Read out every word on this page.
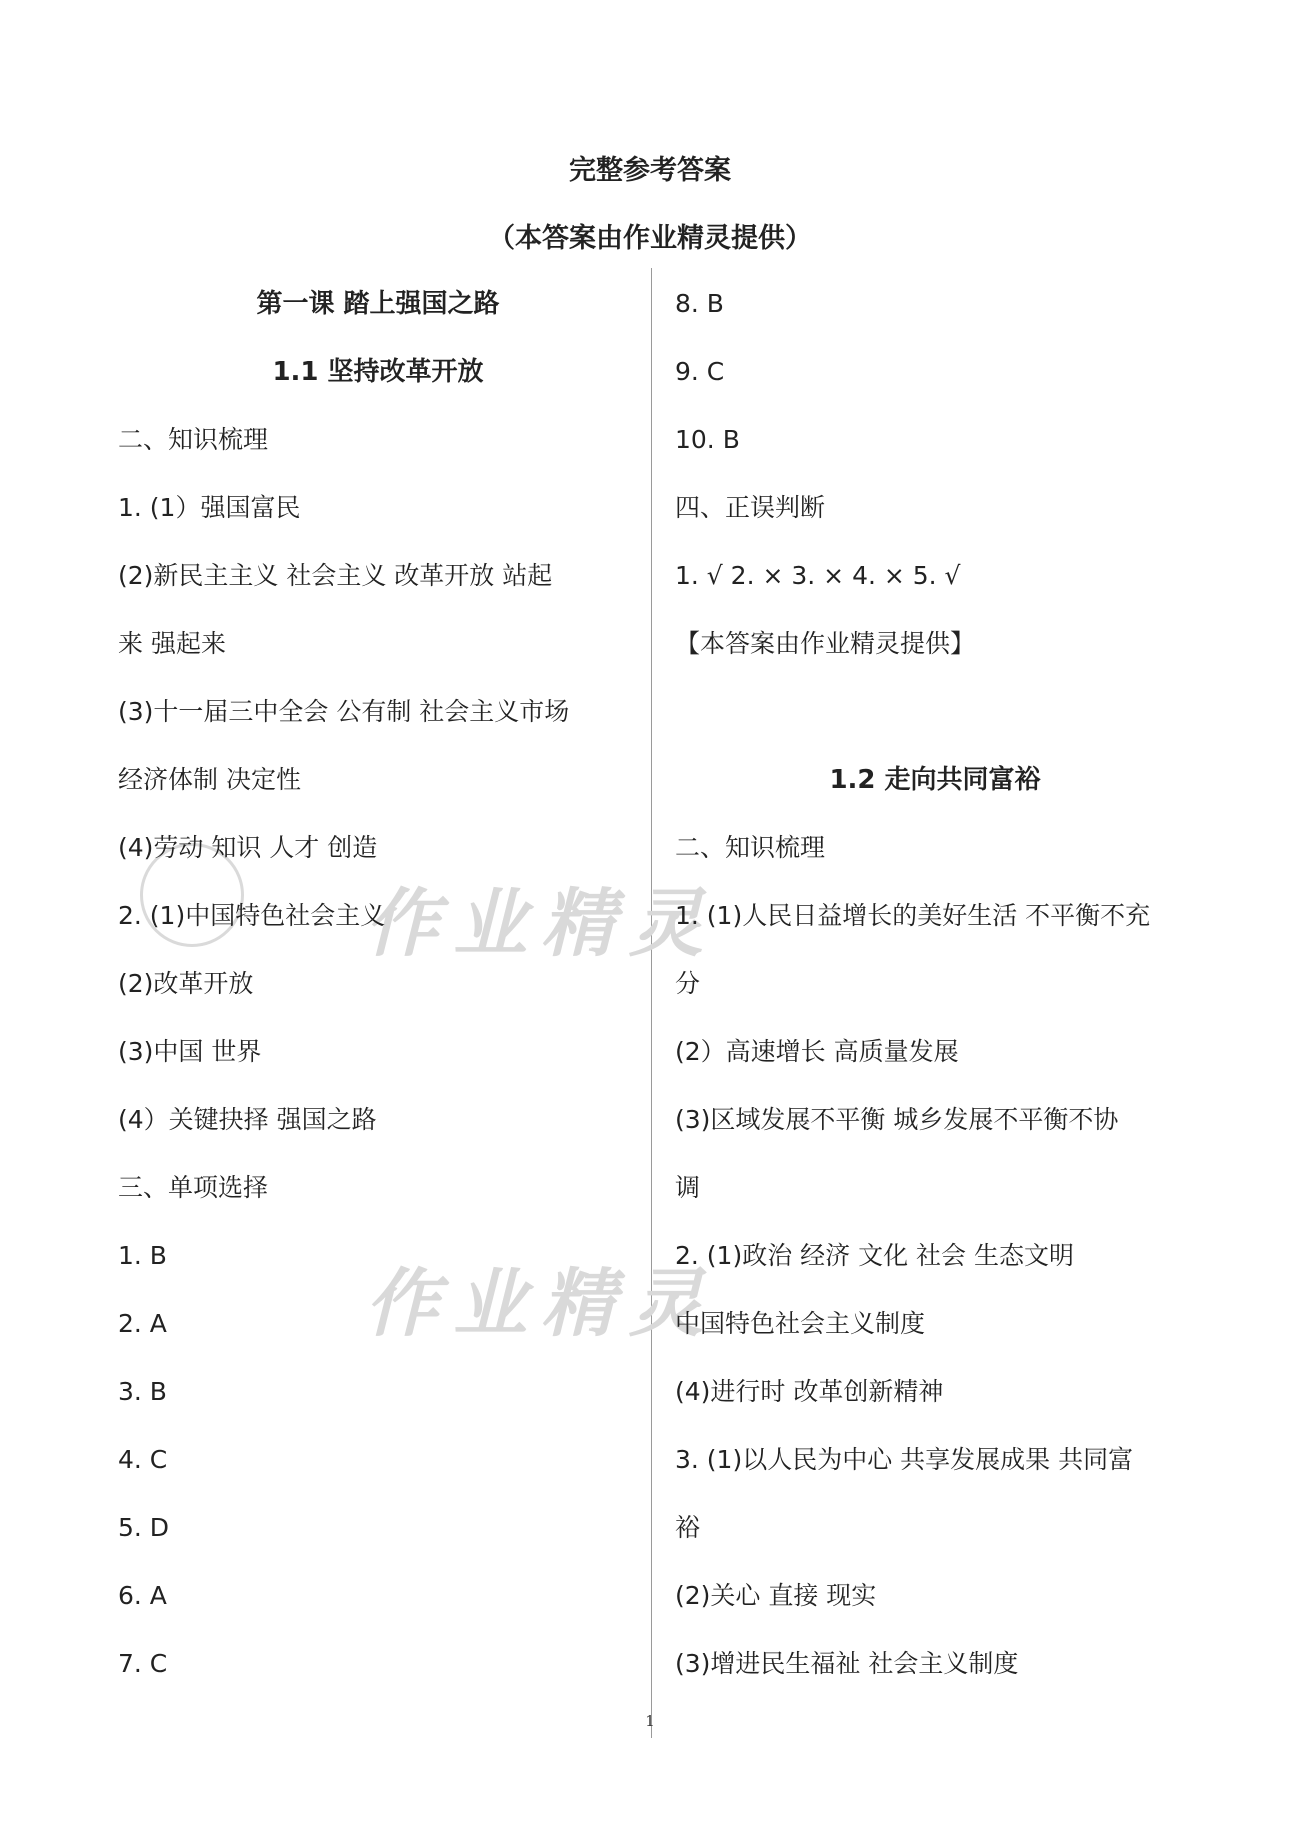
完整参考答案
（本答案由作业精灵提供）
作业精灵
作业精灵
第一课 踏上强国之路
1.1 坚持改革开放
二、知识梳理
1. (1）强国富民
(2)新民主主义 社会主义 改革开放 站起
来 强起来
(3)十一届三中全会 公有制 社会主义市场
经济体制 决定性
(4)劳动 知识 人才 创造
2. (1)中国特色社会主义
(2)改革开放
(3)中国 世界
(4）关键抉择 强国之路
三、单项选择
1. B
2. A
3. B
4. C
5. D
6. A
7. C
8. B
9. C
10. B
四、正误判断
1. √ 2. × 3. × 4. × 5. √
【本答案由作业精灵提供】
1.2 走向共同富裕
二、知识梳理
1. (1)人民日益增长的美好生活 不平衡不充
分
(2）高速增长 高质量发展
(3)区域发展不平衡 城乡发展不平衡不协
调
2. (1)政治 经济 文化 社会 生态文明
中国特色社会主义制度
(4)进行时 改革创新精神
3. (1)以人民为中心 共享发展成果 共同富
裕
(2)关心 直接 现实
(3)增进民生福祉 社会主义制度
1
